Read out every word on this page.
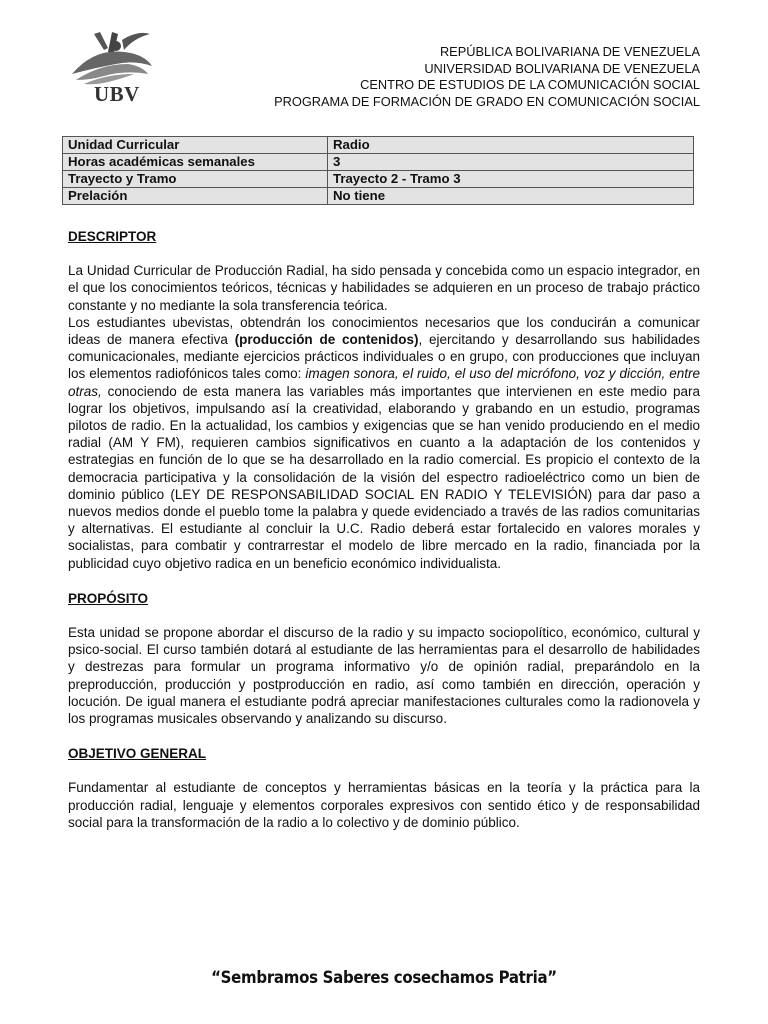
UBV
REPÚBLICA BOLIVARIANA DE VENEZUELA
UNIVERSIDAD BOLIVARIANA DE VENEZUELA
CENTRO DE ESTUDIOS DE LA COMUNICACIÓN SOCIAL
PROGRAMA DE FORMACIÓN DE GRADO EN COMUNICACIÓN SOCIAL
Unidad Curricular	Radio
Horas académicas semanales	3
Trayecto y Tramo	Trayecto 2 - Tramo 3
Prelación	No tiene

DESCRIPTOR

La Unidad Curricular de Producción Radial, ha sido pensada y concebida como un espacio integrador, en el que los conocimientos teóricos, técnicas y habilidades se adquieren en un proceso de trabajo práctico constante y no mediante la sola transferencia teórica.

Los estudiantes ubevistas, obtendrán los conocimientos necesarios que los conducirán a comunicar ideas de manera efectiva (producción de contenidos), ejercitando y desarrollando sus habilidades comunicacionales, mediante ejercicios prácticos individuales o en grupo, con producciones que incluyan los elementos radiofónicos tales como: imagen sonora, el ruido, el uso del micrófono, voz y dicción, entre otras, conociendo de esta manera las variables más importantes que intervienen en este medio para lograr los objetivos, impulsando así la creatividad, elaborando y grabando en un estudio, programas pilotos de radio. En la actualidad, los cambios y exigencias que se han venido produciendo en el medio radial (AM Y FM), requieren cambios significativos en cuanto a la adaptación de los contenidos y estrategias en función de lo que se ha desarrollado en la radio comercial. Es propicio el contexto de la democracia participativa y la consolidación de la visión del espectro radioeléctrico como un bien de dominio público (LEY DE RESPONSABILIDAD SOCIAL EN RADIO Y TELEVISIÓN) para dar paso a nuevos medios donde el pueblo tome la palabra y quede evidenciado a través de las radios comunitarias y alternativas. El estudiante al concluir la U.C. Radio deberá estar fortalecido en valores morales y socialistas, para combatir y contrarrestar el modelo de libre mercado en la radio, financiada por la publicidad cuyo objetivo radica en un beneficio económico individualista.

PROPÓSITO

Esta unidad se propone abordar el discurso de la radio y su impacto sociopolítico, económico, cultural y psico-social. El curso también dotará al estudiante de las herramientas para el desarrollo de habilidades y destrezas para formular un programa informativo y/o de opinión radial, preparándolo en la preproducción, producción y postproducción en radio, así como también en dirección, operación y locución. De igual manera el estudiante podrá apreciar manifestaciones culturales como la radionovela y los programas musicales observando y analizando su discurso.

OBJETIVO GENERAL

Fundamentar al estudiante de conceptos y herramientas básicas en la teoría y la práctica para la producción radial, lenguaje y elementos corporales expresivos con sentido ético y de responsabilidad social para la transformación de la radio a lo colectivo y de dominio público.

“Sembramos Saberes cosechamos Patria”
